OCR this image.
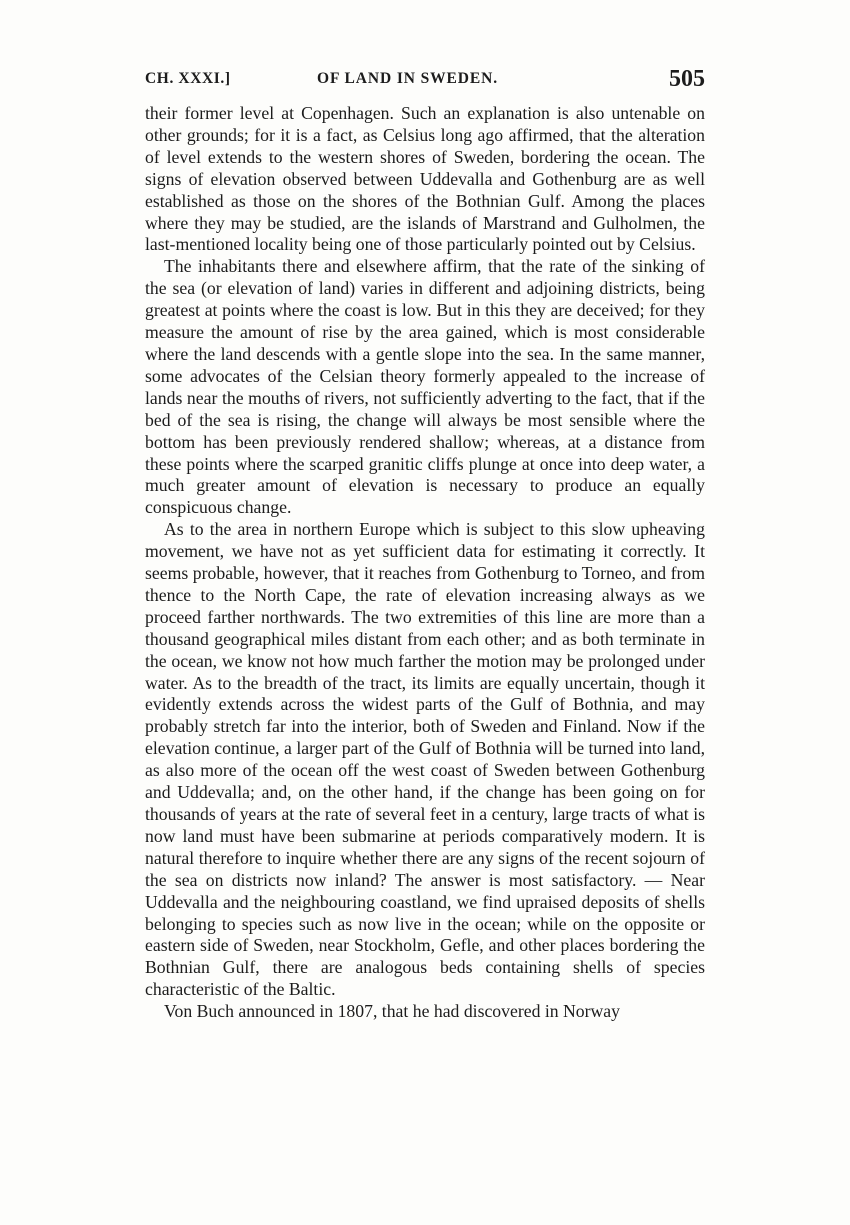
CH. XXXI.]	OF LAND IN SWEDEN.	505

their former level at Copenhagen. Such an explanation is also untenable on other grounds; for it is a fact, as Celsius long ago affirmed, that the alteration of level extends to the western shores of Sweden, bordering the ocean. The signs of elevation observed between Uddevalla and Gothenburg are as well established as those on the shores of the Bothnian Gulf. Among the places where they may be studied, are the islands of Marstrand and Gulholmen, the last-mentioned locality being one of those particularly pointed out by Celsius.

The inhabitants there and elsewhere affirm, that the rate of the sinking of the sea (or elevation of land) varies in different and adjoining districts, being greatest at points where the coast is low. But in this they are deceived; for they measure the amount of rise by the area gained, which is most considerable where the land descends with a gentle slope into the sea. In the same manner, some advocates of the Celsian theory formerly appealed to the increase of lands near the mouths of rivers, not sufficiently adverting to the fact, that if the bed of the sea is rising, the change will always be most sensible where the bottom has been previously rendered shallow; whereas, at a distance from these points where the scarped granitic cliffs plunge at once into deep water, a much greater amount of elevation is necessary to produce an equally conspicuous change.

As to the area in northern Europe which is subject to this slow upheaving movement, we have not as yet sufficient data for estimating it correctly. It seems probable, however, that it reaches from Gothenburg to Torneo, and from thence to the North Cape, the rate of elevation increasing always as we proceed farther northwards. The two extremities of this line are more than a thousand geographical miles distant from each other; and as both terminate in the ocean, we know not how much farther the motion may be prolonged under water. As to the breadth of the tract, its limits are equally uncertain, though it evidently extends across the widest parts of the Gulf of Bothnia, and may probably stretch far into the interior, both of Sweden and Finland. Now if the elevation continue, a larger part of the Gulf of Bothnia will be turned into land, as also more of the ocean off the west coast of Sweden between Gothenburg and Uddevalla; and, on the other hand, if the change has been going on for thousands of years at the rate of several feet in a century, large tracts of what is now land must have been submarine at periods comparatively modern. It is natural therefore to inquire whether there are any signs of the recent sojourn of the sea on districts now inland? The answer is most satisfactory. — Near Uddevalla and the neighbouring coastland, we find upraised deposits of shells belonging to species such as now live in the ocean; while on the opposite or eastern side of Sweden, near Stockholm, Gefle, and other places bordering the Bothnian Gulf, there are analogous beds containing shells of species characteristic of the Baltic.

Von Buch announced in 1807, that he had discovered in Norway
